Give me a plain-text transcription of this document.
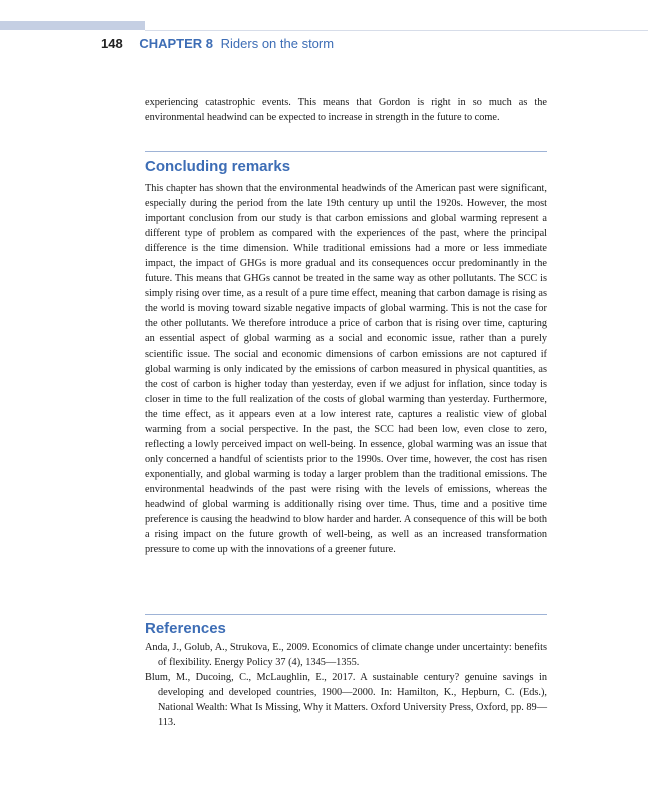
148 CHAPTER 8 Riders on the storm

experiencing catastrophic events. This means that Gordon is right in so much as the environmental headwind can be expected to increase in strength in the future to come.

Concluding remarks

This chapter has shown that the environmental headwinds of the American past were significant, especially during the period from the late 19th century up until the 1920s. However, the most important conclusion from our study is that carbon emissions and global warming represent a different type of problem as compared with the experiences of the past, where the principal difference is the time dimension. While traditional emissions had a more or less immediate impact, the impact of GHGs is more gradual and its consequences occur predominantly in the future. This means that GHGs cannot be treated in the same way as other pollutants. The SCC is simply rising over time, as a result of a pure time effect, meaning that carbon damage is rising as the world is moving toward sizable negative impacts of global warming. This is not the case for the other pollutants. We therefore introduce a price of carbon that is rising over time, capturing an essential aspect of global warming as a social and economic issue, rather than a purely scientific issue. The social and economic dimensions of carbon emissions are not captured if global warming is only indicated by the emissions of carbon measured in physical quantities, as the cost of carbon is higher today than yesterday, even if we adjust for inflation, since today is closer in time to the full realization of the costs of global warming than yesterday. Furthermore, the time effect, as it appears even at a low interest rate, captures a realistic view of global warming from a social perspective. In the past, the SCC had been low, even close to zero, reflecting a lowly perceived impact on well-being. In essence, global warming was an issue that only concerned a handful of scientists prior to the 1990s. Over time, however, the cost has risen exponentially, and global warming is today a larger problem than the traditional emissions. The environmental headwinds of the past were rising with the levels of emissions, whereas the headwind of global warming is additionally rising over time. Thus, time and a positive time preference is causing the headwind to blow harder and harder. A consequence of this will be both a rising impact on the future growth of well-being, as well as an increased transformation pressure to come up with the innovations of a greener future.

References
Anda, J., Golub, A., Strukova, E., 2009. Economics of climate change under uncertainty: benefits of flexibility. Energy Policy 37 (4), 1345—1355.
Blum, M., Ducoing, C., McLaughlin, E., 2017. A sustainable century? genuine savings in developing and developed countries, 1900—2000. In: Hamilton, K., Hepburn, C. (Eds.), National Wealth: What Is Missing, Why it Matters. Oxford University Press, Oxford, pp. 89—113.
